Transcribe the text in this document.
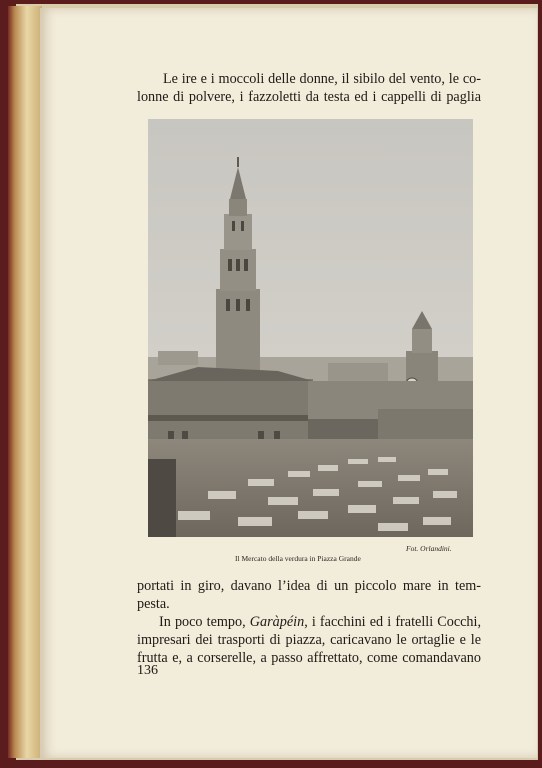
Le ire e i moccoli delle donne, il sibilo del vento, le co-
lonne di polvere, i fazzoletti da testa ed i cappelli di paglia
Fot. Orlandini.
Il Mercato della verdura in Piazza Grande
portati in giro, davano l’idea di un piccolo mare in tem-
pesta.
In poco tempo, Garàpéin, i facchini ed i fratelli Cocchi,
impresari dei trasporti di piazza, caricavano le ortaglie e le
frutta e, a corserelle, a passo affrettato, come comandavano
136
